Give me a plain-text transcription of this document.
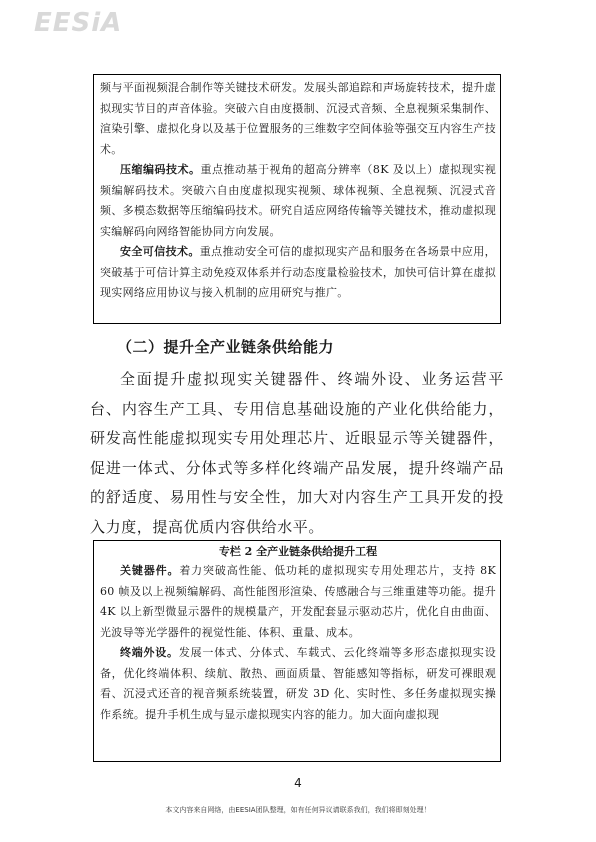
EESiA

频与平面视频混合制作等关键技术研发。发展头部追踪和声场旋转技术，提升虚拟现实节目的声音体验。突破六自由度摄制、沉浸式音频、全息视频采集制作、渲染引擎、虚拟化身以及基于位置服务的三维数字空间体验等强交互内容生产技术。

压缩编码技术。重点推动基于视角的超高分辨率（8K 及以上）虚拟现实视频编解码技术。突破六自由度虚拟现实视频、球体视频、全息视频、沉浸式音频、多模态数据等压缩编码技术。研究自适应网络传输等关键技术，推动虚拟现实编解码向网络智能协同方向发展。

安全可信技术。重点推动安全可信的虚拟现实产品和服务在各场景中应用，突破基于可信计算主动免疫双体系并行动态度量检验技术，加快可信计算在虚拟现实网络应用协议与接入机制的应用研究与推广。

（二）提升全产业链条供给能力

全面提升虚拟现实关键器件、终端外设、业务运营平台、内容生产工具、专用信息基础设施的产业化供给能力，研发高性能虚拟现实专用处理芯片、近眼显示等关键器件，促进一体式、分体式等多样化终端产品发展，提升终端产品的舒适度、易用性与安全性，加大对内容生产工具开发的投入力度，提高优质内容供给水平。

专栏 2 全产业链条供给提升工程

关键器件。着力突破高性能、低功耗的虚拟现实专用处理芯片，支持 8K 60 帧及以上视频编解码、高性能图形渲染、传感融合与三维重建等功能。提升 4K 以上新型微显示器件的规模量产，开发配套显示驱动芯片，优化自由曲面、光波导等光学器件的视觉性能、体积、重量、成本。

终端外设。发展一体式、分体式、车载式、云化终端等多形态虚拟现实设备，优化终端体积、续航、散热、画面质量、智能感知等指标，研发可裸眼观看、沉浸式还音的视音频系统装置，研发 3D 化、实时性、多任务虚拟现实操作系统。提升手机生成与显示虚拟现实内容的能力。加大面向虚拟现

4
本文内容来自网络，由EESIA团队整理，如有任何异议请联系我们，我们将即刻处理！
